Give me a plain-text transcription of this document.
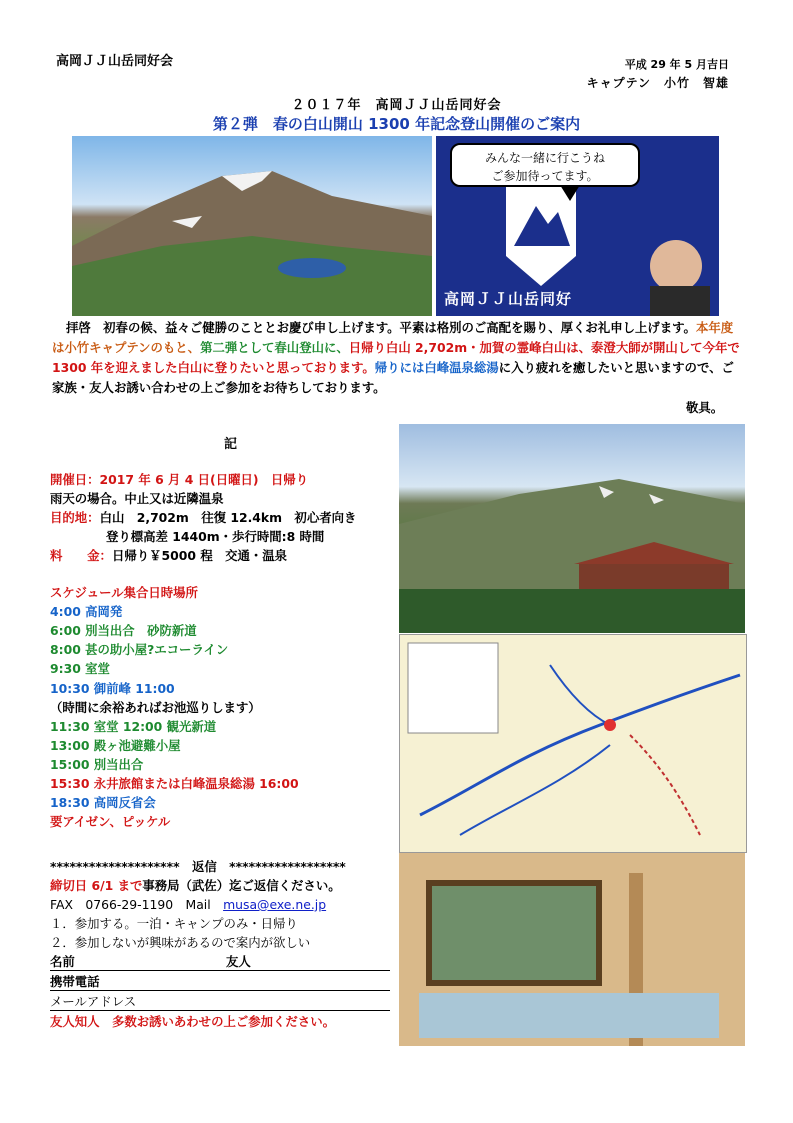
高岡ＪＪ山岳同好会	平成 29 年 5 月吉日
キャプテン　小竹　智雄
２０１７年　高岡ＪＪ山岳同好会
第２弾　春の白山開山 1300 年記念登山開催のご案内
みんな一緒に行こうね
ご参加待ってます。
高岡ＪＪ山岳同好
拝啓　初春の候、益々ご健勝のこととお慶び申し上げます。平素は格別のご高配を賜り、厚くお礼申し上げます。本年度は小竹キャプテンのもと、第二弾として春山登山に、日帰り白山 2,702m・加賀の霊峰白山は、泰澄大師が開山して今年で 1300 年を迎えました白山に登りたいと思っております。帰りには白峰温泉総湯に入り疲れを癒したいと思いますので、ご家族・友人お誘い合わせの上ご参加をお待ちしております。
敬具。
記
開催日：2017 年 6 月 4 日(日曜日)　日帰り
雨天の場合。中止又は近隣温泉
目的地：白山　2,702m　往復 12.4km　初心者向き
登り標高差 1440m・歩行時間:8 時間
料　　金：日帰り￥5000 程　交通・温泉
スケジュール集合日時場所
4:00 高岡発
6:00 別当出合　砂防新道
8:00 甚の助小屋?エコーライン
9:30 室堂
10:30 御前峰 11:00
（時間に余裕あればお池巡りします）
11:30 室堂 12:00 観光新道
13:00 殿ヶ池避難小屋
15:00 別当出合
15:30 永井旅館または白峰温泉総湯 16:00
18:30 高岡反省会
要アイゼン、ピッケル
********************　返信　******************
締切日 6/1 まで事務局（武佐）迄ご返信ください。
FAX　0766-29-1190　Mail　musa@exe.ne.jp
１．参加する。一泊・キャンプのみ・日帰り
２．参加しないが興味があるので案内が欲しい
名前	友人
携帯電話
メールアドレス
友人知人　多数お誘いあわせの上ご参加ください。
